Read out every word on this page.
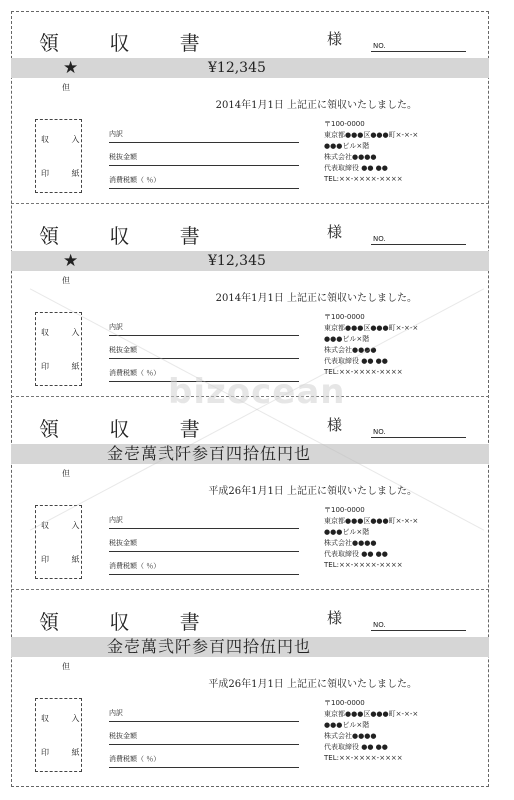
領 収 書	様	NO.
★	¥12,345
但
2014年1月1日 上記正に領収いたしました。
収 入
印 紙
内訳
税抜金額
消費税額（ ％）
〒100-0000
東京都●●●区●●●町×-×-×
●●●ビル×階
株式会社●●●●
代表取締役 ●● ●●
TEL:××-××××-××××
領 収 書	様	NO.
★	¥12,345
但
2014年1月1日 上記正に領収いたしました。
収 入
印 紙
内訳
税抜金額
消費税額（ ％）
〒100-0000
東京都●●●区●●●町×-×-×
●●●ビル×階
株式会社●●●●
代表取締役 ●● ●●
TEL:××-××××-××××
領 収 書	様	NO.
金壱萬弐阡参百四拾伍円也
但
平成26年1月1日 上記正に領収いたしました。
収 入
印 紙
内訳
税抜金額
消費税額（ ％）
〒100-0000
東京都●●●区●●●町×-×-×
●●●ビル×階
株式会社●●●●
代表取締役 ●● ●●
TEL:××-××××-××××
領 収 書	様	NO.
金壱萬弐阡参百四拾伍円也
但
平成26年1月1日 上記正に領収いたしました。
収 入
印 紙
内訳
税抜金額
消費税額（ ％）
〒100-0000
東京都●●●区●●●町×-×-×
●●●ビル×階
株式会社●●●●
代表取締役 ●● ●●
TEL:××-××××-××××
bizocean
